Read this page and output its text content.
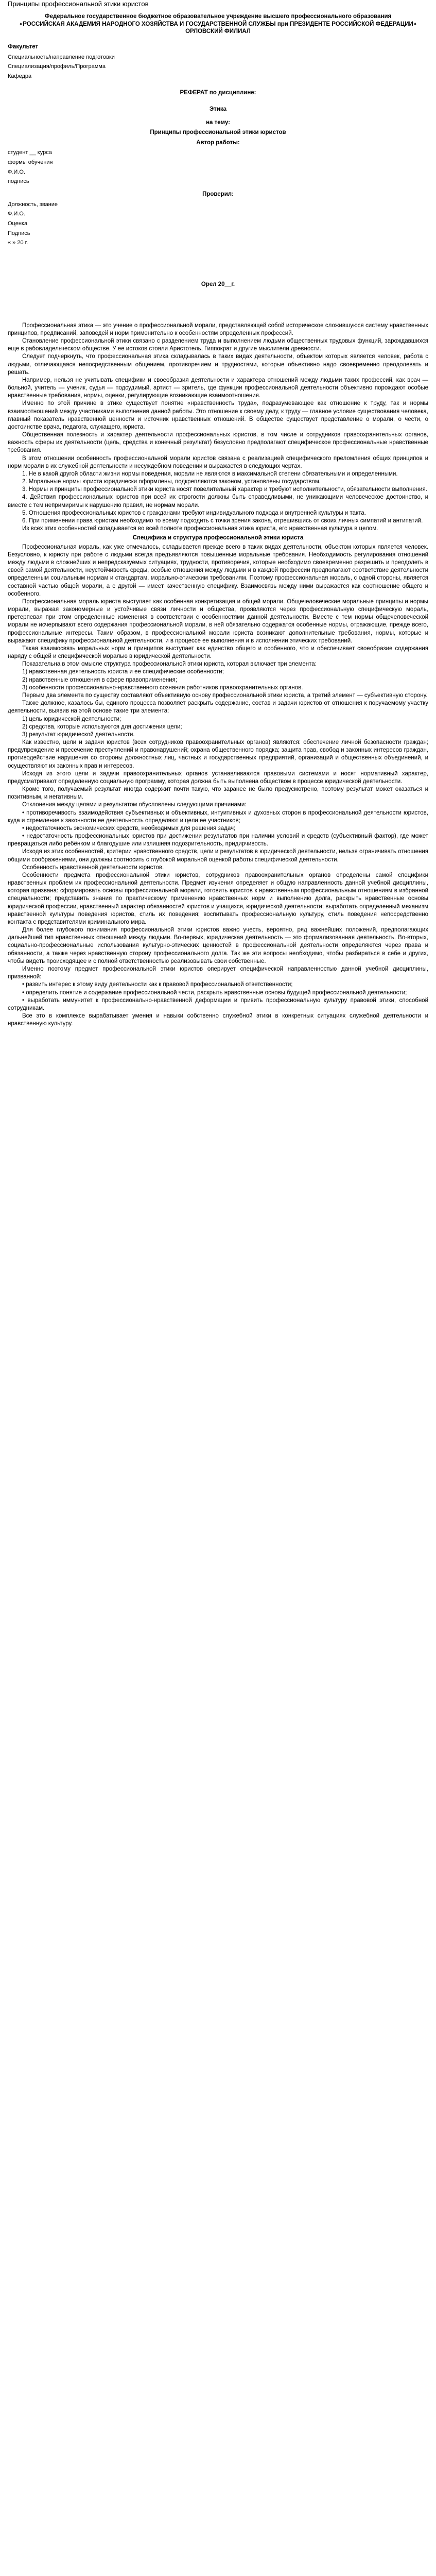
Принципы профессиональной этики юристов

Федеральное государственное бюджетное образовательное учреждение высшего профессионального образования

«РОССИЙСКАЯ АКАДЕМИЯ НАРОДНОГО ХОЗЯЙСТВА И ГОСУДАРСТВЕННОЙ СЛУЖБЫ при ПРЕЗИДЕНТЕ РОССИЙСКОЙ ФЕДЕРАЦИИ»

ОРЛОВСКИЙ ФИЛИАЛ

Факультет

Специальность/направление подготовки

Специализация/профиль/Программа

Кафедра

РЕФЕРАТ по дисциплине:

Этика

на тему:

Принципы профессиональной этики юристов

Автор работы:

студент __ курса

формы обучения

Ф.И.О.

подпись

Проверил:

Должность, звание

Ф.И.О.

Оценка

Подпись

« » 20 г.

Орел 20__г.

Профессиональная этика — это учение о профессиональной морали, представляющей собой историческое сложившуюся систему нравственных принципов, предписаний, заповедей и норм применительно к особенностям определенных профессий.

Становление профессиональной этики связано с разделением труда и выполнением людьми общественных трудовых функций, зарождавшихся еще в рабовладельческом обществе. У ее истоков стояли Аристотель, Гиппократ и другие мыслители древности.

Следует подчеркнуть, что профессиональная этика складывалась в таких видах деятельности, объектом которых является человек, работа с людьми, отличающаяся непосредственным общением, противоречием и трудностями, которые объективно надо своевременно преодолевать и решать.

Например, нельзя не учитывать специфики и своеобразия деятельности и характера отношений между людьми таких профессий, как врач — больной, учитель — ученик, судья — подсудимый, артист — зритель, где функции профессиональной деятельности объективно порождают особые нравственные требования, нормы, оценки, регулирующие возникающие взаимоотношения.

Именно по этой причине в этике существует понятие «нравственность труда», подразумевающее как отношение к труду, так и нормы взаимоотношений между участниками выполнения данной работы. Это отношение к своему делу, к труду — главное условие существования человека, главный показатель нравственной ценности и источник нравственных отношений. В обществе существует представление о морали, о чести, о достоинстве врача, педагога, служащего, юриста.

Общественная полезность и характер деятельности профессиональных юристов, в том числе и сотрудников правоохранительных органов, важность сферы их деятельности (цель, средства и конечный результат) безусловно предполагают специфическое профессиональные нравственные требования.

В этом отношении особенность профессиональной морали юристов связана с реализацией специфического преломления общих принципов и норм морали в их служебной деятельности и несуждебном поведении и выражается в следующих чертах.

1. Не в какой другой области жизни нормы поведения, морали не являются в максимальной степени обязательными и определенными.

2. Моральные нормы юриста юридически оформлены, подкрепляются законом, установлены государством.

3. Нормы и принципы профессиональной этики юриста носят повелительный характер и требуют исполнительности, обязательности выполнения.

4. Действия профессиональных юристов при всей их строгости должны быть справедливыми, не унижающими человеческое достоинство, и вместе с тем непримиримы к нарушению правил, не нормам морали.

5. Отношения профессиональных юристов с гражданами требуют индивидуального подхода и внутренней культуры и такта.

6. При применении права юристам необходимо то всему подходить с точки зрения закона, отрешившись от своих личных симпатий и антипатий.

Из всех этих особенностей складывается во всей полноте профессиональная этика юриста, его нравственная культура в целом.

Специфика и структура профессиональной этики юриста

Профессиональная мораль, как уже отмечалось, складывается прежде всего в таких видах деятельности, объектом которых является человек. Безусловно, к юристу при работе с людьми всегда предъявляются повышенные моральные требования. Необходимость регулирования отношений между людьми в сложнейших и непредсказуемых ситуациях, трудности, противоречия, которые необходимо своевременно разрешить и преодолеть в своей самой деятельности, неустойчивость среды, особые отношения между людьми и в каждой профессии предполагают соответствие деятельности определенным социальным нормам и стандартам, морально-этическим требованиям. Поэтому профессиональная мораль, с одной стороны, является составной частью общей морали, а с другой — имеет качественную специфику. Взаимосвязь между ними выражается как соотношение общего и особенного.

Профессиональная мораль юриста выступает как особенная конкретизация и общей морали. Общечеловеческие моральные принципы и нормы морали, выражая закономерные и устойчивые связи личности и общества, проявляются через профессиональную специфическую мораль, претерпевая при этом определенные изменения в соответствии с особенностями данной деятельности. Вместе с тем нормы общечеловеческой морали не исчерпывают всего содержания профессиональной морали, в ней обязательно содержатся особенные нормы, отражающие, прежде всего, профессиональные интересы. Таким образом, в профессиональной морали юриста возникают дополнительные требования, нормы, которые и выражают специфику профессиональной деятельности, и в процессе ее выполнения и в исполнении этических требований.

Такая взаимосвязь моральных норм и принципов выступает как единство общего и особенного, что и обеспечивает своеобразие содержания наряду с общей и специфической моралью в юридической деятельности.

Показательна в этом смысле структура профессиональной этики юриста, которая включает три элемента:

1) нравственная деятельность юриста и ее специфические особенности;

2) нравственные отношения в сфере правоприменения;

3) особенности профессионально-нравственного сознания работников правоохранительных органов.

Первым два элемента по существу составляют объективную основу профессиональной этики юриста, а третий элемент — субъективную сторону.

Также должное, казалось бы, единого процесса позволяет раскрыть содержание, состав и задачи юристов от отношения к поручаемому участку деятельности, выявив на этой основе такие три элемента:

1) цель юридической деятельности;

2) средства, которые используются для достижения цели;

3) результат юридической деятельности.

Как известно, цели и задачи юристов (всех сотрудников правоохранительных органов) являются: обеспечение личной безопасности граждан; предупреждение и пресечение преступлений и правонарушений; охрана общественного порядка; защита прав, свобод и законных интересов граждан, противодействие нарушения со стороны должностных лиц, частных и государственных предприятий, организаций и общественных объединений, и осуществляют их законных прав и интересов.

Исходя из этого цели и задачи правоохранительных органов устанавливаются правовыми системами и носят нормативный характер, предусматривают определенную социальную программу, которая должна быть выполнена обществом в процессе юридической деятельности.

Кроме того, получаемый результат иногда содержит почти такую, что заранее не было предусмотрено, поэтому результат может оказаться и позитивным, и негативным.

Отклонения между целями и результатом обусловлены следующими причинами:

• противоречивость взаимодействия субъективных и объективных, интуитивных и духовных сторон в профессиональной деятельности юристов, куда и стремление к законности ее деятельность определяют и цели ее участников;

• недостаточность экономических средств, необходимых для решения задач;

• недостаточность профессиональных юристов при достижении результатов при наличии условий и средств (субъективный фактор), где может превращаться либо ребёнком и благодушие или излишняя подозрительность, придирчивость.

Исходя из этих особенностей, критерии нравственного средств, цели и результатов в юридической деятельности, нельзя ограничивать отношения общими соображениями, они должны соотносить с глубокой моральной оценкой работы специфической деятельности.

Особенность нравственной деятельности юристов.

Особенности предмета профессиональной этики юристов, сотрудников правоохранительных органов определены самой специфики нравственных проблем их профессиональной деятельности. Предмет изучения определяет и общую направленность данной учебной дисциплины, которая призвана: сформировать основы профессиональной морали, готовить юристов к нравственным профессиональным отношениям в избранной специальности; представить знания по практическому применению нравственных норм и выполнению долга, раскрыть нравственные основы юридической профессии, нравственный характер обязанностей юристов и учащихся, юридической деятельности; выработать определенный механизм нравственной культуры поведения юристов, стиль их поведения; воспитывать профессиональную культуру, стиль поведения непосредственно контакта с представителями криминального мира.

Для более глубокого понимания профессиональной этики юристов важно учесть, вероятно, ряд важнейших положений, предполагающих дальнейшей тип нравственных отношений между людьми. Во-первых, юридическая деятельность — это формализованная деятельность. Во-вторых, социально-профессиональные использования культурно-этических ценностей в профессиональной деятельности определяются через права и обязанности, а также через нравственную сторону профессионального долга. Так же эти вопросы необходимо, чтобы разбираться в себе и других, чтобы видеть происходящее и с полной ответственностью реализовывать свои собственные.

Именно поэтому предмет профессиональной этики юристов оперирует специфической направленностью данной учебной дисциплины, призванной:

• развить интерес к этому виду деятельности как к правовой профессиональной ответственности;

• определить понятие и содержание профессиональной чести, раскрыть нравственные основы будущей профессиональной деятельности;

• выработать иммунитет к профессионально-нравственной деформации и привить профессиональную культуру правовой этики, способной сотрудникам.

Все это в комплексе вырабатывает умения и навыки собственно служебной этики в конкретных ситуациях служебной деятельности и нравственную культуру.
